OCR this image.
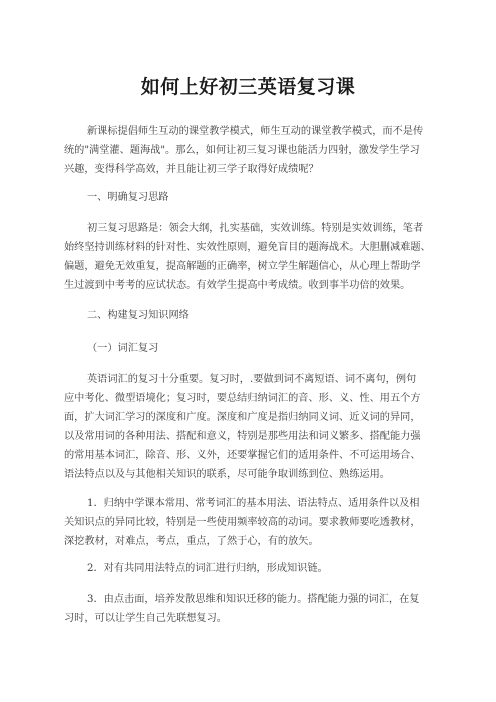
如何上好初三英语复习课
新课标提倡师生互动的课堂教学模式，师生互动的课堂教学模式，而不是传
统的"满堂灌、题海战"。那么，如何让初三复习课也能活力四射，激发学生学习
兴趣，变得科学高效，并且能让初三学子取得好成绩呢？
一、明确复习思路
初三复习思路是：领会大纲，扎实基础，实效训练。特别是实效训练，笔者
始终坚持训练材料的针对性、实效性原则，避免盲目的题海战术。大胆删减难题、
偏题，避免无效重复，提高解题的正确率，树立学生解题信心，从心理上帮助学
生过渡到中考考的应试状态。有效学生提高中考成绩。收到事半功倍的效果。
二、构建复习知识网络
（一）词汇复习
英语词汇的复习十分重要。复习时，.要做到词不离短语、词不离句，例句
应中考化、微型语境化；复习时，要总结归纳词汇的音、形、义、性、用五个方
面，扩大词汇学习的深度和广度。深度和广度是指归纳同义词、近义词的异同，
以及常用词的各种用法、搭配和意义，特别是那些用法和词义繁多、搭配能力强
的常用基本词汇，除音、形、义外，还要掌握它们的适用条件、不可运用场合、
语法特点以及与其他相关知识的联系，尽可能争取训练到位、熟练运用。
1．归纳中学课本常用、常考词汇的基本用法、语法特点、适用条件以及相
关知识点的异同比较，特别是一些使用频率较高的动词。要求教师要吃透教材，
深挖教材，对难点，考点，重点，了然于心，有的放矢。
2．对有共同用法特点的词汇进行归纳，形成知识链。
3．由点击面，培养发散思维和知识迁移的能力。搭配能力强的词汇，在复
习时，可以让学生自己先联想复习。
